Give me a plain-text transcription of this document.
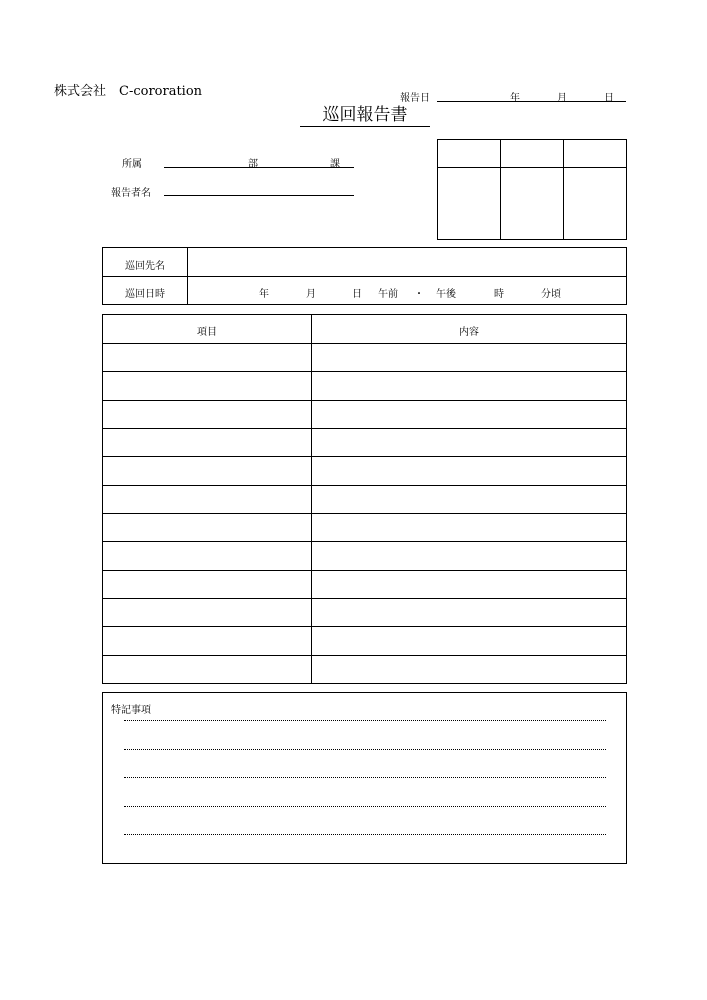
株式会社　C-cororation	報告日	年	月	日
巡回報告書
所属	部	課
報告者名
巡回先名
巡回日時	年	月	日 午前 ・ 午後	時	分頃
項目	内容
特記事項
